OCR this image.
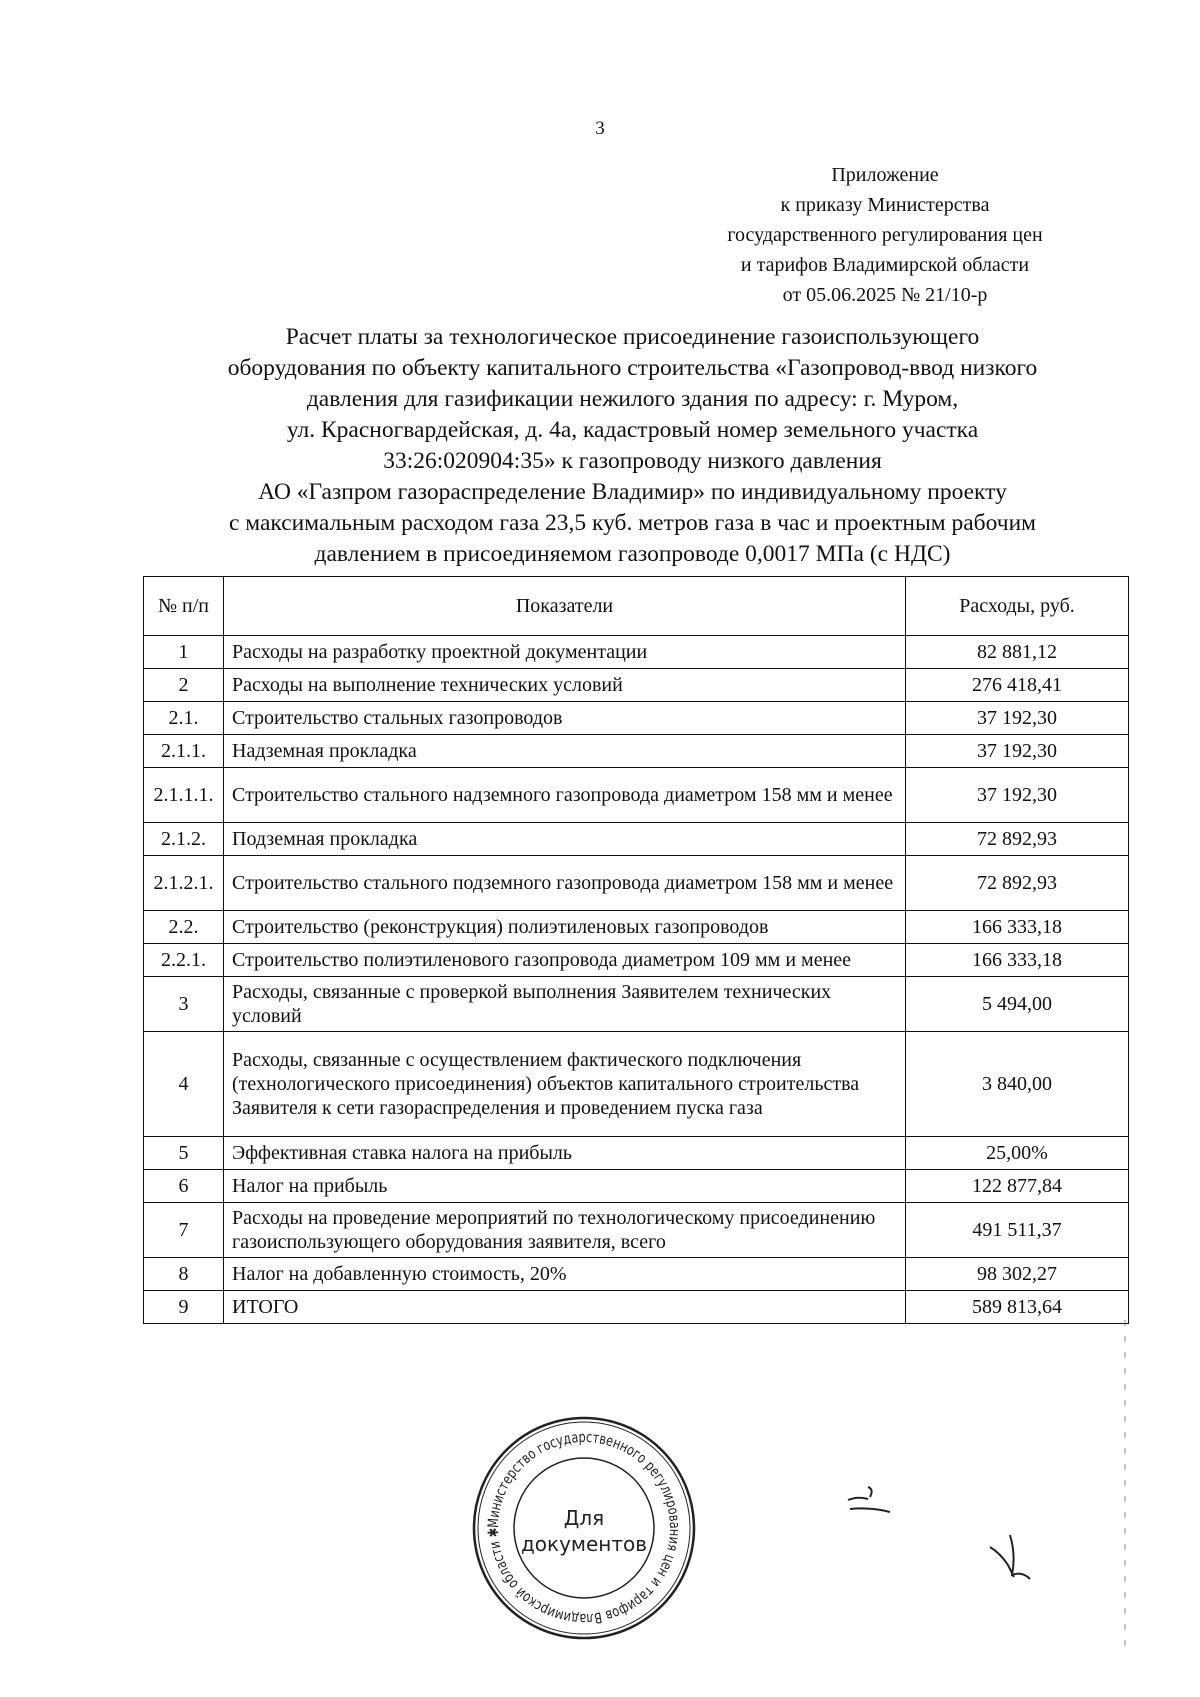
3
Приложение
к приказу Министерства
государственного регулирования цен
и тарифов Владимирской области
от 05.06.2025 № 21/10-р
Расчет платы за технологическое присоединение газоиспользующего
оборудования по объекту капитального строительства «Газопровод-ввод низкого
давления для газификации нежилого здания по адресу: г. Муром,
ул. Красногвардейская, д. 4а, кадастровый номер земельного участка
33:26:020904:35» к газопроводу низкого давления
АО «Газпром газораспределение Владимир» по индивидуальному проекту
с максимальным расходом газа 23,5 куб. метров газа в час и проектным рабочим
давлением в присоединяемом газопроводе 0,0017 МПа (с НДС)
№ п/п	Показатели	Расходы, руб.
1	Расходы на разработку проектной документации	82 881,12
2	Расходы на выполнение технических условий	276 418,41
2.1.	Строительство стальных газопроводов	37 192,30
2.1.1.	Надземная прокладка	37 192,30
2.1.1.1.	Строительство стального надземного газопровода диаметром 158 мм и менее	37 192,30
2.1.2.	Подземная прокладка	72 892,93
2.1.2.1.	Строительство стального подземного газопровода диаметром 158 мм и менее	72 892,93
2.2.	Строительство (реконструкция) полиэтиленовых газопроводов	166 333,18
2.2.1.	Строительство полиэтиленового газопровода диаметром 109 мм и менее	166 333,18
3	Расходы, связанные с проверкой выполнения Заявителем технических условий	5 494,00
4	Расходы, связанные с осуществлением фактического подключения (технологического присоединения) объектов капитального строительства Заявителя к сети газораспределения и проведением пуска газа	3 840,00
5	Эффективная ставка налога на прибыль	25,00%
6	Налог на прибыль	122 877,84
7	Расходы на проведение мероприятий по технологическому присоединению газоиспользующего оборудования заявителя, всего	491 511,37
8	Налог на добавленную стоимость, 20%	98 302,27
9	ИТОГО	589 813,64
Министерство государственного регулирования цен и тарифов Владимирской области ✱
Для
документов
